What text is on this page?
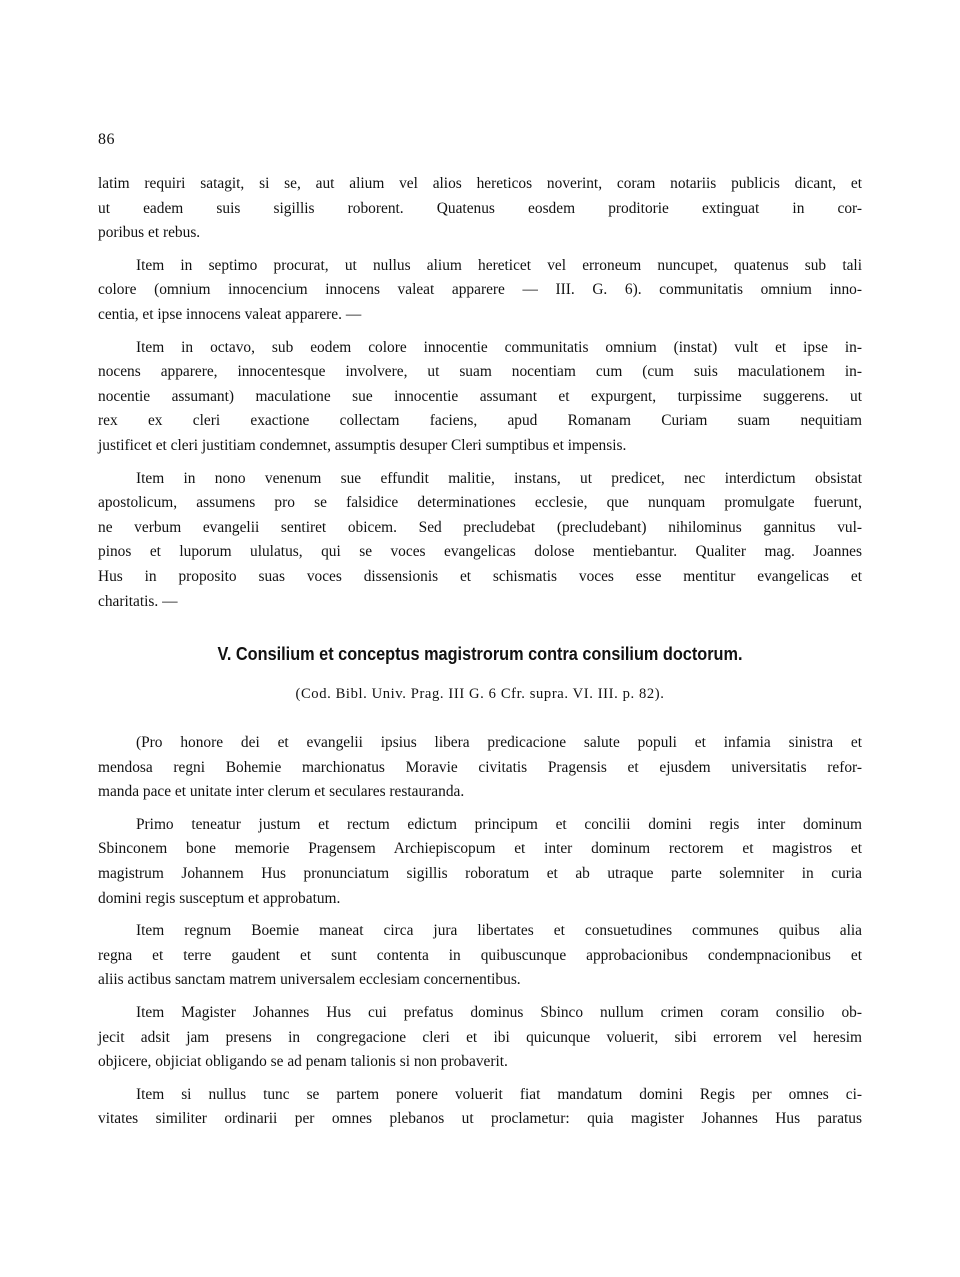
86

latim requiri satagit, si se, aut alium vel alios hereticos noverint, coram notariis publicis dicant, et
ut eadem suis sigillis roborent. Quatenus eosdem proditorie extinguat in cor-
poribus et rebus.

Item in septimo procurat, ut nullus alium hereticet vel erroneum nuncupet, quatenus sub tali
colore (omnium innocencium innocens valeat apparere — III. G. 6). communitatis omnium inno-
centia, et ipse innocens valeat apparere. —

Item in octavo, sub eodem colore innocentie communitatis omnium (instat) vult et ipse in-
nocens apparere, innocentesque involvere, ut suam nocentiam cum (cum suis maculationem in-
nocentie assumant) maculatione sue innocentie assumant et expurgent, turpissime suggerens. ut
rex ex cleri exactione collectam faciens, apud Romanam Curiam suam nequitiam
justificet et cleri justitiam condemnet, assumptis desuper Cleri sumptibus et impensis.

Item in nono venenum sue effundit malitie, instans, ut predicet, nec interdictum obsistat
apostolicum, assumens pro se falsidice determinationes ecclesie, que nunquam promulgate fuerunt,
ne verbum evangelii sentiret obicem. Sed precludebat (precludebant) nihilominus gannitus vul-
pinos et luporum ululatus, qui se voces evangelicas dolose mentiebantur. Qualiter mag. Joannes
Hus in proposito suas voces dissensionis et schismatis voces esse mentitur evangelicas et
charitatis. —

V. Consilium et conceptus magistrorum contra consilium doctorum.
(Cod. Bibl. Univ. Prag. III G. 6 Cfr. supra. VI. III. p. 82).

(Pro honore dei et evangelii ipsius libera predicacione salute populi et infamia sinistra et
mendosa regni Bohemie marchionatus Moravie civitatis Pragensis et ejusdem universitatis refor-
manda pace et unitate inter clerum et seculares restauranda.

Primo teneatur justum et rectum edictum principum et concilii domini regis inter dominum
Sbinconem bone memorie Pragensem Archiepiscopum et inter dominum rectorem et magistros et
magistrum Johannem Hus pronunciatum sigillis roboratum et ab utraque parte solemniter in curia
domini regis susceptum et approbatum.

Item regnum Boemie maneat circa jura libertates et consuetudines communes quibus alia
regna et terre gaudent et sunt contenta in quibuscunque approbacionibus condempnacionibus et
aliis actibus sanctam matrem universalem ecclesiam concernentibus.

Item Magister Johannes Hus cui prefatus dominus Sbinco nullum crimen coram consilio ob-
jecit adsit jam presens in congregacione cleri et ibi quicunque voluerit, sibi errorem vel heresim
objicere, objiciat obligando se ad penam talionis si non probaverit.

Item si nullus tunc se partem ponere voluerit fiat mandatum domini Regis per omnes ci-
vitates similiter ordinarii per omnes plebanos ut proclametur: quia magister Johannes Hus paratus
